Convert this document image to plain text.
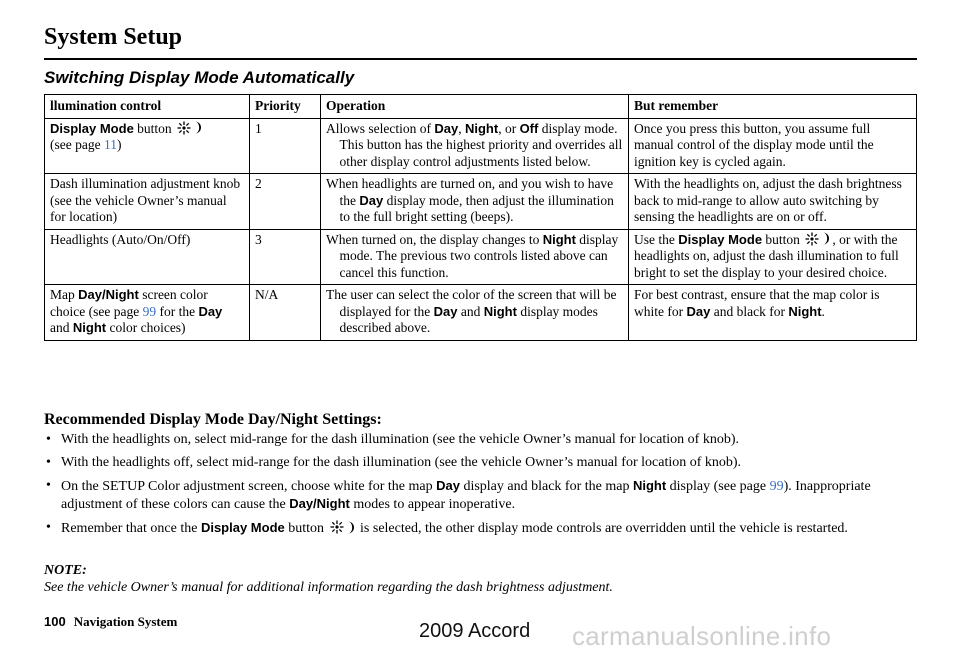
System Setup
Switching Display Mode Automatically
llumination control	Priority	Operation	But remember
Display Mode button

(see page 11)	1	Allows selection of Day, Night, or Off display mode. This button has the highest priority and overrides all other display control adjustments listed below.	Once you press this button, you assume full manual control of the display mode until the ignition key is cycled again.
Dash illumination adjustment knob (see the vehicle Owner’s manual for location)	2	When headlights are turned on, and you wish to have the Day display mode, then adjust the illumination to the full bright setting (beeps).	With the headlights on, adjust the dash brightness back to mid-range to allow auto switching by sensing the headlights are on or off.
Headlights (Auto/On/Off)	3	When turned on, the display changes to Night display mode. The previous two controls listed above can cancel this function.	Use the Display Mode button
, or with the headlights on, adjust the dash illumination to full bright to set the display to your desired choice.
Map Day/Night screen color choice (see page 99 for the Day and Night color choices)	N/A	The user can select the color of the screen that will be displayed for the Day and Night display modes described above.	For best contrast, ensure that the map color is white for Day and black for Night.
Recommended Display Mode Day/Night Settings:
• With the headlights on, select mid-range for the dash illumination (see the vehicle Owner’s manual for location of knob).
• With the headlights off, select mid-range for the dash illumination (see the vehicle Owner’s manual for location of knob).
• On the SETUP Color adjustment screen, choose white for the map Day display and black for the map Night display (see page 99). Inappropriate adjustment of these colors can cause the Day/Night modes to appear inoperative.
• Remember that once the Display Mode button
is selected, the other display mode controls are overridden until the vehicle is restarted.
NOTE:
See the vehicle Owner’s manual for additional information regarding the dash brightness adjustment.
100 Navigation System	2009 Accord carmanualsonline.info
